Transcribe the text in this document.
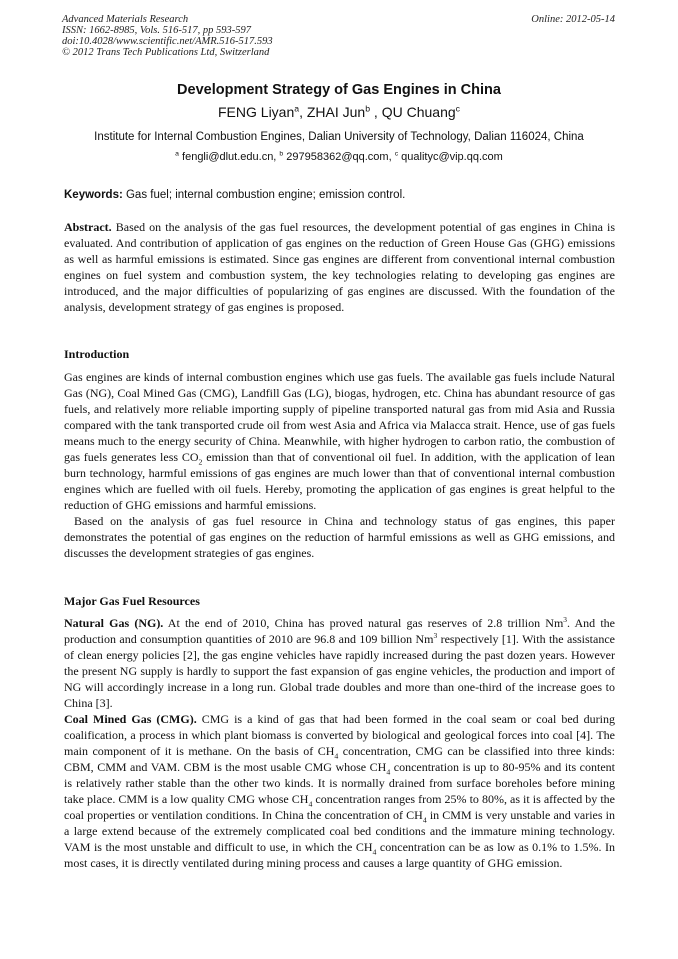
Advanced Materials Research
ISSN: 1662-8985, Vols. 516-517, pp 593-597
doi:10.4028/www.scientific.net/AMR.516-517.593
© 2012 Trans Tech Publications Ltd, Switzerland
Online: 2012-05-14
Development Strategy of Gas Engines in China
FENG Liyan$^a$, ZHAI Jun$^b$ , QU Chuang$^c$
Institute for Internal Combustion Engines, Dalian University of Technology, Dalian 116024, China
$^a$ fengli@dlut.edu.cn, $^b$ 297958362@qq.com, $^c$ qualityc@vip.qq.com
Keywords: Gas fuel; internal combustion engine; emission control.

Abstract. Based on the analysis of the gas fuel resources, the development potential of gas engines in China is evaluated. And contribution of application of gas engines on the reduction of Green House Gas (GHG) emissions as well as harmful emissions is estimated. Since gas engines are different from conventional internal combustion engines on fuel system and combustion system, the key technologies relating to developing gas engines are introduced, and the major difficulties of popularizing of gas engines are discussed. With the foundation of the analysis, development strategy of gas engines is proposed.

Introduction

Gas engines are kinds of internal combustion engines which use gas fuels. The available gas fuels include Natural Gas (NG), Coal Mined Gas (CMG), Landfill Gas (LG), biogas, hydrogen, etc. China has abundant resource of gas fuels, and relatively more reliable importing supply of pipeline transported natural gas from mid Asia and Russia compared with the tank transported crude oil from west Asia and Africa via Malacca strait. Hence, use of gas fuels means much to the energy security of China. Meanwhile, with higher hydrogen to carbon ratio, the combustion of gas fuels generates less $CO_2$ emission than that of conventional oil fuel. In addition, with the application of lean burn technology, harmful emissions of gas engines are much lower than that of conventional internal combustion engines which are fuelled with oil fuels. Hereby, promoting the application of gas engines is great helpful to the reduction of GHG emissions and harmful emissions.

Based on the analysis of gas fuel resource in China and technology status of gas engines, this paper demonstrates the potential of gas engines on the reduction of harmful emissions as well as GHG emissions, and discusses the development strategies of gas engines.

Major Gas Fuel Resources

Natural Gas (NG). At the end of 2010, China has proved natural gas reserves of 2.8 trillion Nm$^3$. And the production and consumption quantities of 2010 are 96.8 and 109 billion Nm$^3$ respectively [1]. With the assistance of clean energy policies [2], the gas engine vehicles have rapidly increased during the past dozen years. However the present NG supply is hardly to support the fast expansion of gas engine vehicles, the production and import of NG will accordingly increase in a long run. Global trade doubles and more than one-third of the increase goes to China [3].

Coal Mined Gas (CMG). CMG is a kind of gas that had been formed in the coal seam or coal bed during coalification, a process in which plant biomass is converted by biological and geological forces into coal [4]. The main component of it is methane. On the basis of $CH_4$ concentration, CMG can be classified into three kinds: CBM, CMM and VAM. CBM is the most usable CMG whose $CH_4$ concentration is up to 80-95% and its content is relatively rather stable than the other two kinds. It is normally drained from surface boreholes before mining take place. CMM is a low quality CMG whose $CH_4$ concentration ranges from 25% to 80%, as it is affected by the coal properties or ventilation conditions. In China the concentration of $CH_4$ in CMM is very unstable and varies in a large extend because of the extremely complicated coal bed conditions and the immature mining technology. VAM is the most unstable and difficult to use, in which the $CH_4$ concentration can be as low as 0.1% to 1.5%. In most cases, it is directly ventilated during mining process and causes a large quantity of GHG emission.
